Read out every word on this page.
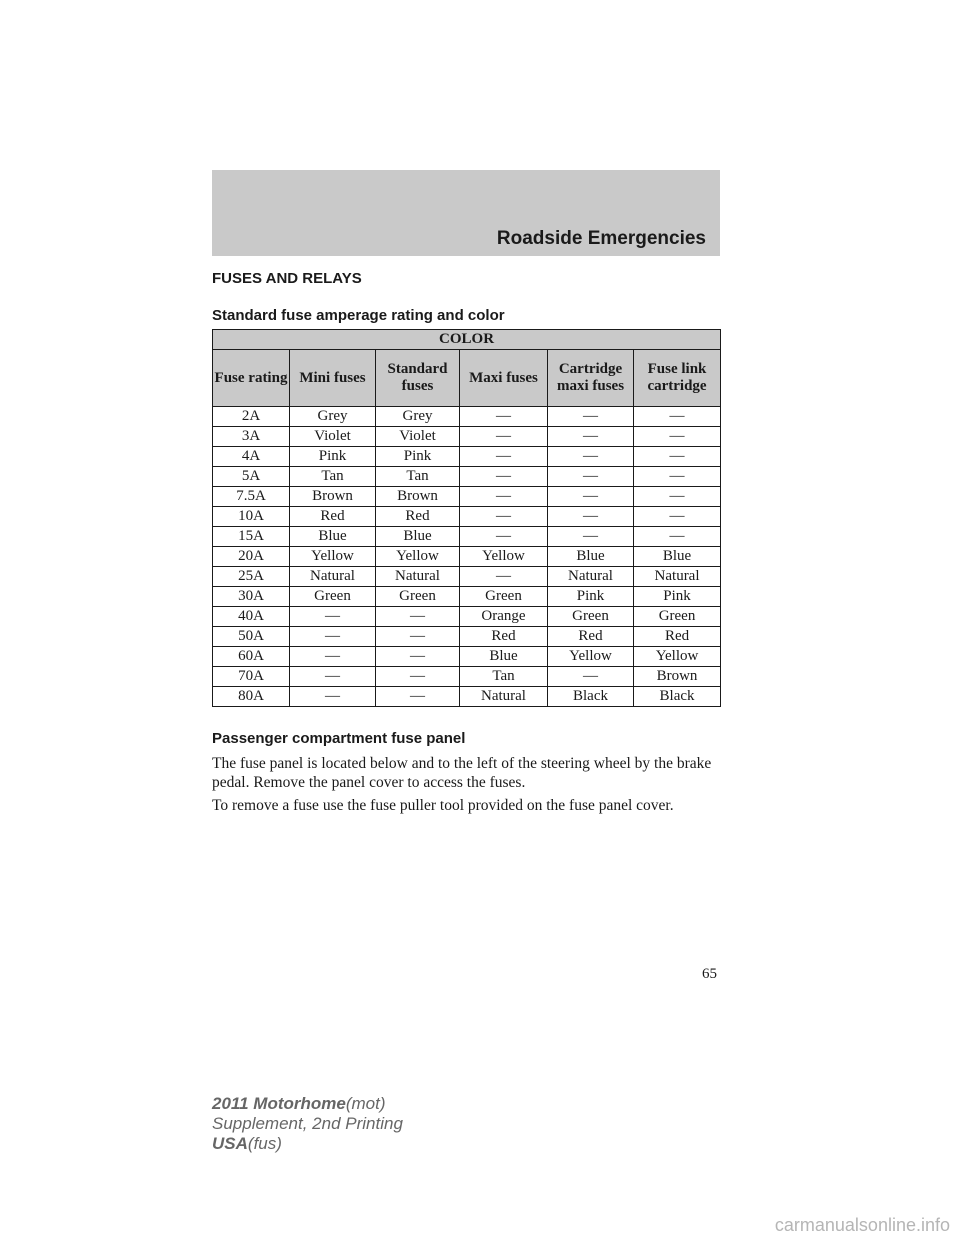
Roadside Emergencies
FUSES AND RELAYS
Standard fuse amperage rating and color
COLOR					
Fuse rating	Mini fuses	Standard fuses	Maxi fuses	Cartridge maxi fuses	Fuse link cartridge
2A	Grey	Grey	—	—	—
3A	Violet	Violet	—	—	—
4A	Pink	Pink	—	—	—
5A	Tan	Tan	—	—	—
7.5A	Brown	Brown	—	—	—
10A	Red	Red	—	—	—
15A	Blue	Blue	—	—	—
20A	Yellow	Yellow	Yellow	Blue	Blue
25A	Natural	Natural	—	Natural	Natural
30A	Green	Green	Green	Pink	Pink
40A	—	—	Orange	Green	Green
50A	—	—	Red	Red	Red
60A	—	—	Blue	Yellow	Yellow
70A	—	—	Tan	—	Brown
80A	—	—	Natural	Black	Black
Passenger compartment fuse panel
The fuse panel is located below and to the left of the steering wheel by the brake pedal. Remove the panel cover to access the fuses.
To remove a fuse use the fuse puller tool provided on the fuse panel cover.
65
2011 Motorhome(mot)
Supplement, 2nd Printing
USA(fus)
carmanualsonline.info
